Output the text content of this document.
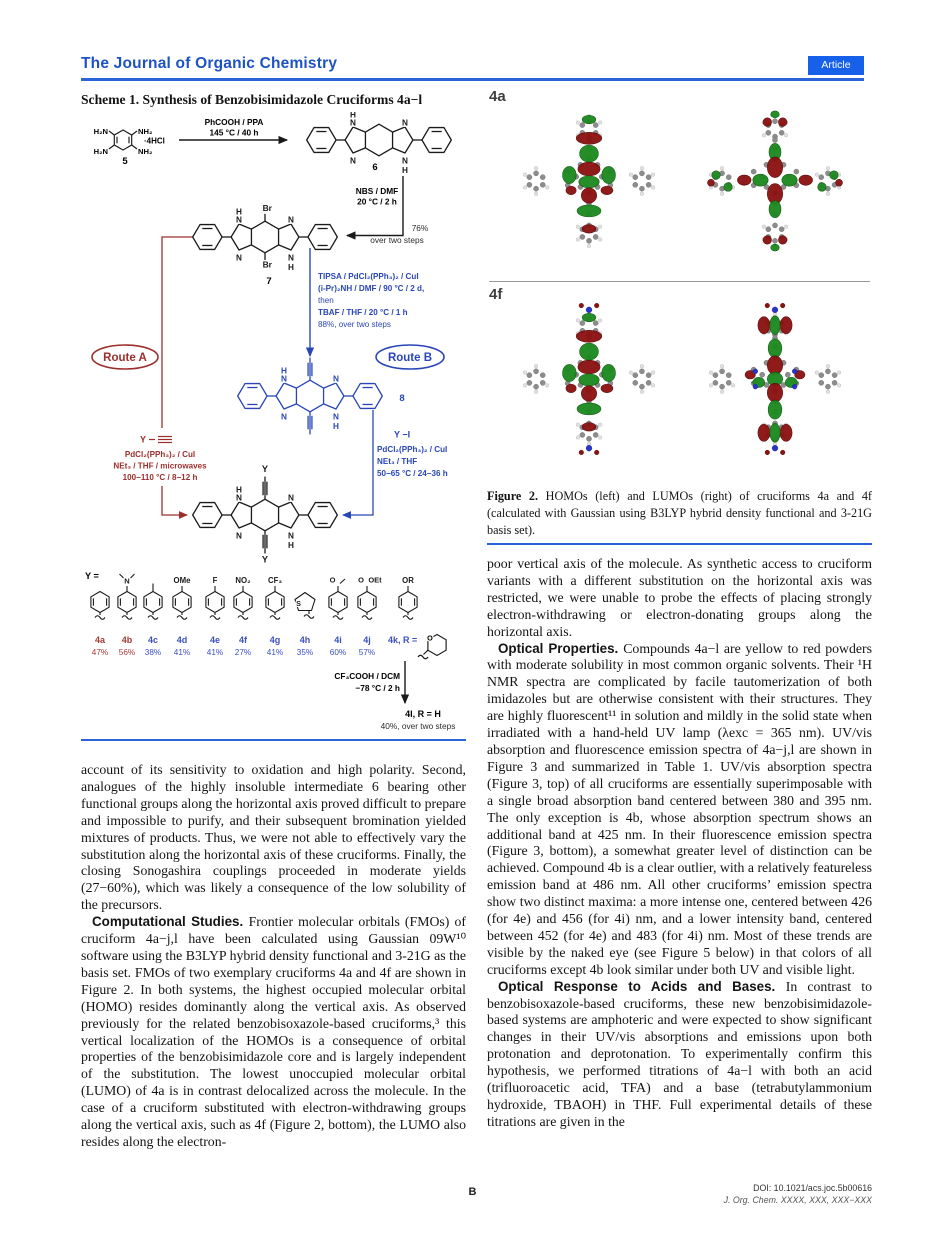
The Journal of Organic Chemistry	Article
Scheme 1. Synthesis of Benzobisimidazole Cruciforms 4a−l
H₂N	NH₂
H₂N	NH₂
·4HCl
5
PhCOOH / PPA
145 °C / 40 h
6
NBS / DMF
20 °C / 2 h
76%
over two steps
7	TIPSA / PdCl₂(PPh₃)₂ / CuI
(i-Pr)₂NH / DMF / 90 °C / 2 d,
then
TBAF / THF / 20 °C / 1 h
88%, over two steps
Route A	Route B
8
Y
PdCl₂(PPh₃)₂ / CuI
NEt₃ / THF / microwaves
100−110 °C / 8−12 h
Y −I
PdCl₂(PPh₃)₂ / CuI
NEt₃ / THF
50−65 °C / 24−36 h
Y =
4k, R = O
CF₃COOH / DCM
−78 °C / 2 h
4l, R = H
40%, over two steps
H
N
N
N
N
H
H
N
N
N
N
H
Br
Br
H
N
N
N
N
H
H
N
N
N
N
H
Y
Y
4a
47%
N
4b
56%
4c
38%
OMe
4d
41%
F
4e
41%
NO₂
4f
27%
CF₃
4g
41%
S
4h
35%
O
4i
60%
O OEt
4j
57%
OR
4a
4f
Figure 2. HOMOs (left) and LUMOs (right) of cruciforms 4a and 4f (calculated with Gaussian using B3LYP hybrid density functional and 3-21G basis set).

account of its sensitivity to oxidation and high polarity. Second, analogues of the highly insoluble intermediate 6 bearing other functional groups along the horizontal axis proved difficult to prepare and impossible to purify, and their subsequent bromination yielded mixtures of products. Thus, we were not able to effectively vary the substitution along the horizontal axis of these cruciforms. Finally, the closing Sonogashira couplings proceeded in moderate yields (27−60%), which was likely a consequence of the low solubility of the precursors.

Computational Studies. Frontier molecular orbitals (FMOs) of cruciform 4a−j,l have been calculated using Gaussian 09W¹⁰ software using the B3LYP hybrid density functional and 3-21G as the basis set. FMOs of two exemplary cruciforms 4a and 4f are shown in Figure 2. In both systems, the highest occupied molecular orbital (HOMO) resides dominantly along the vertical axis. As observed previously for the related benzobisoxazole-based cruciforms,³ this vertical localization of the HOMOs is a consequence of orbital properties of the benzobisimidazole core and is largely independent of the substitution. The lowest unoccupied molecular orbital (LUMO) of 4a is in contrast delocalized across the molecule. In the case of a cruciform substituted with electron-withdrawing groups along the vertical axis, such as 4f (Figure 2, bottom), the LUMO also resides along the electron-

poor vertical axis of the molecule. As synthetic access to cruciform variants with a different substitution on the horizontal axis was restricted, we were unable to probe the effects of placing strongly electron-withdrawing or electron-donating groups along the horizontal axis.

Optical Properties. Compounds 4a−l are yellow to red powders with moderate solubility in most common organic solvents. Their ¹H NMR spectra are complicated by facile tautomerization of both imidazoles but are otherwise consistent with their structures. They are highly fluorescent¹¹ in solution and mildly in the solid state when irradiated with a hand-held UV lamp (λexc = 365 nm). UV/vis absorption and fluorescence emission spectra of 4a−j,l are shown in Figure 3 and summarized in Table 1. UV/vis absorption spectra (Figure 3, top) of all cruciforms are essentially superimposable with a single broad absorption band centered between 380 and 395 nm. The only exception is 4b, whose absorption spectrum shows an additional band at 425 nm. In their fluorescence emission spectra (Figure 3, bottom), a somewhat greater level of distinction can be achieved. Compound 4b is a clear outlier, with a relatively featureless emission band at 486 nm. All other cruciforms’ emission spectra show two distinct maxima: a more intense one, centered between 426 (for 4e) and 456 (for 4i) nm, and a lower intensity band, centered between 452 (for 4e) and 483 (for 4i) nm. Most of these trends are visible by the naked eye (see Figure 5 below) in that colors of all cruciforms except 4b look similar under both UV and visible light.

Optical Response to Acids and Bases. In contrast to benzobisoxazole-based cruciforms, these new benzobisimidazole-based systems are amphoteric and were expected to show significant changes in their UV/vis absorptions and emissions upon both protonation and deprotonation. To experimentally confirm this hypothesis, we performed titrations of 4a−l with both an acid (trifluoroacetic acid, TFA) and a base (tetrabutylammonium hydroxide, TBAOH) in THF. Full experimental details of these titrations are given in the

B	DOI: 10.1021/acs.joc.5b00616
J. Org. Chem. XXXX, XXX, XXX−XXX
